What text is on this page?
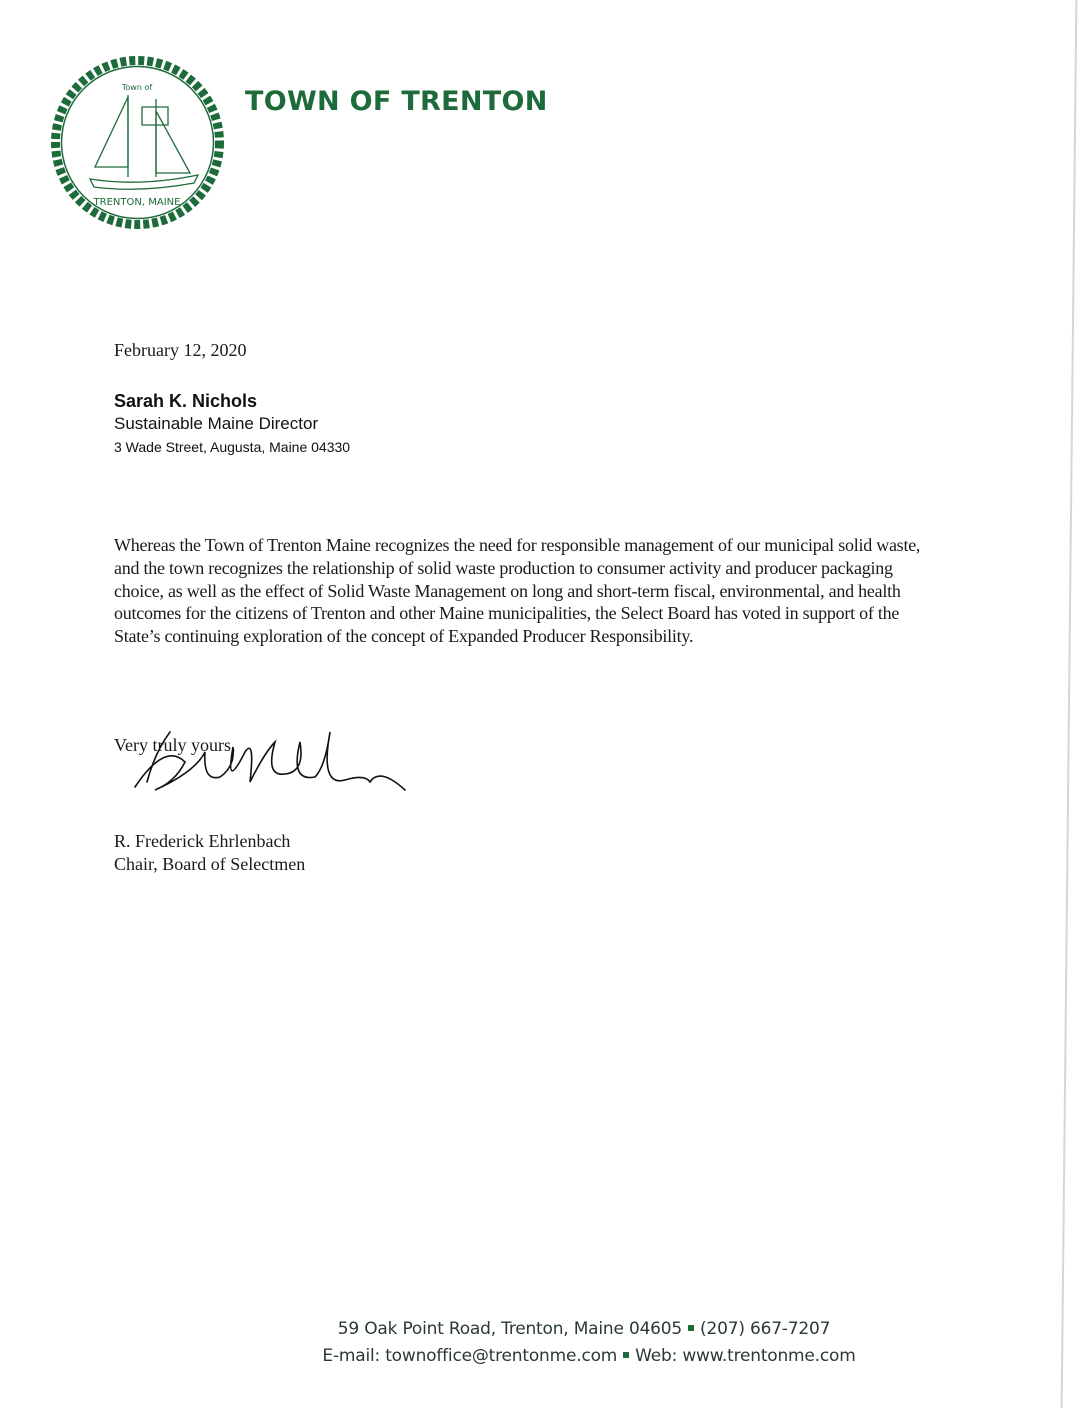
Town of
TRENTON, MAINE
TOWN OF TRENTON
February 12, 2020
Sarah K. Nichols
Sustainable Maine Director
3 Wade Street, Augusta, Maine 04330
Whereas the Town of Trenton Maine recognizes the need for responsible management of our municipal solid waste, and the town recognizes the relationship of solid waste production to consumer activity and producer packaging choice, as well as the effect of Solid Waste Management on long and short-term fiscal, environmental, and health outcomes for the citizens of Trenton and other Maine municipalities, the Select Board has voted in support of the State’s continuing exploration of the concept of Expanded Producer Responsibility.
Very truly yours,
R. Frederick Ehrlenbach
Chair, Board of Selectmen
59 Oak Point Road, Trenton, Maine 04605 (207) 667-7207
E-mail: townoffice@trentonme.com Web: www.trentonme.com
